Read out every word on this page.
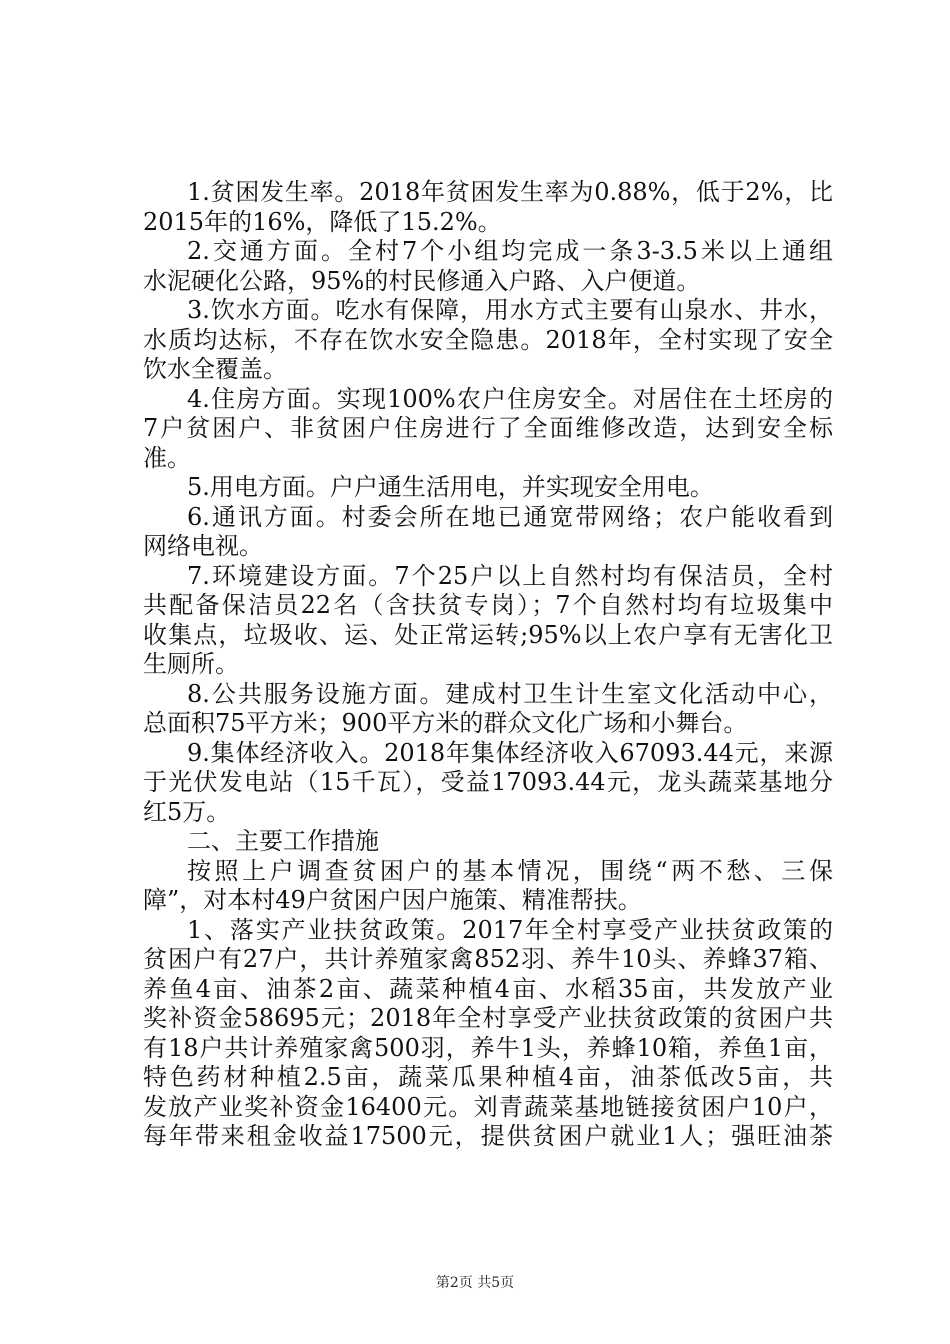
1.贫困发生率。2018年贫困发生率为0.88%，低于2%，比
2015年的16%，降低了15.2%。
2.交通方面。全村7个小组均完成一条3-3.5米以上通组
水泥硬化公路，95%的村民修通入户路、入户便道。
3.饮水方面。吃水有保障，用水方式主要有山泉水、井水，
水质均达标，不存在饮水安全隐患。2018年，全村实现了安全
饮水全覆盖。
4.住房方面。实现100%农户住房安全。对居住在土坯房的
7户贫困户、非贫困户住房进行了全面维修改造，达到安全标
准。
5.用电方面。户户通生活用电，并实现安全用电。
6.通讯方面。村委会所在地已通宽带网络；农户能收看到
网络电视。
7.环境建设方面。7个25户以上自然村均有保洁员，全村
共配备保洁员22名（含扶贫专岗）；7个自然村均有垃圾集中
收集点，垃圾收、运、处正常运转;95%以上农户享有无害化卫
生厕所。
8.公共服务设施方面。建成村卫生计生室文化活动中心，
总面积75平方米；900平方米的群众文化广场和小舞台。
9.集体经济收入。2018年集体经济收入67093.44元，来源
于光伏发电站（15千瓦），受益17093.44元，龙头蔬菜基地分
红5万。
二、主要工作措施
按照上户调查贫困户的基本情况，围绕“两不愁、三保
障”，对本村49户贫困户因户施策、精准帮扶。
1、落实产业扶贫政策。2017年全村享受产业扶贫政策的
贫困户有27户，共计养殖家禽852羽、养牛10头、养蜂37箱、
养鱼4亩、油茶2亩、蔬菜种植4亩、水稻35亩，共发放产业
奖补资金58695元；2018年全村享受产业扶贫政策的贫困户共
有18户共计养殖家禽500羽，养牛1头，养蜂10箱，养鱼1亩，
特色药材种植2.5亩，蔬菜瓜果种植4亩，油茶低改5亩，共
发放产业奖补资金16400元。刘青蔬菜基地链接贫困户10户，
每年带来租金收益17500元，提供贫困户就业1人；强旺油茶
第2页 共5页
